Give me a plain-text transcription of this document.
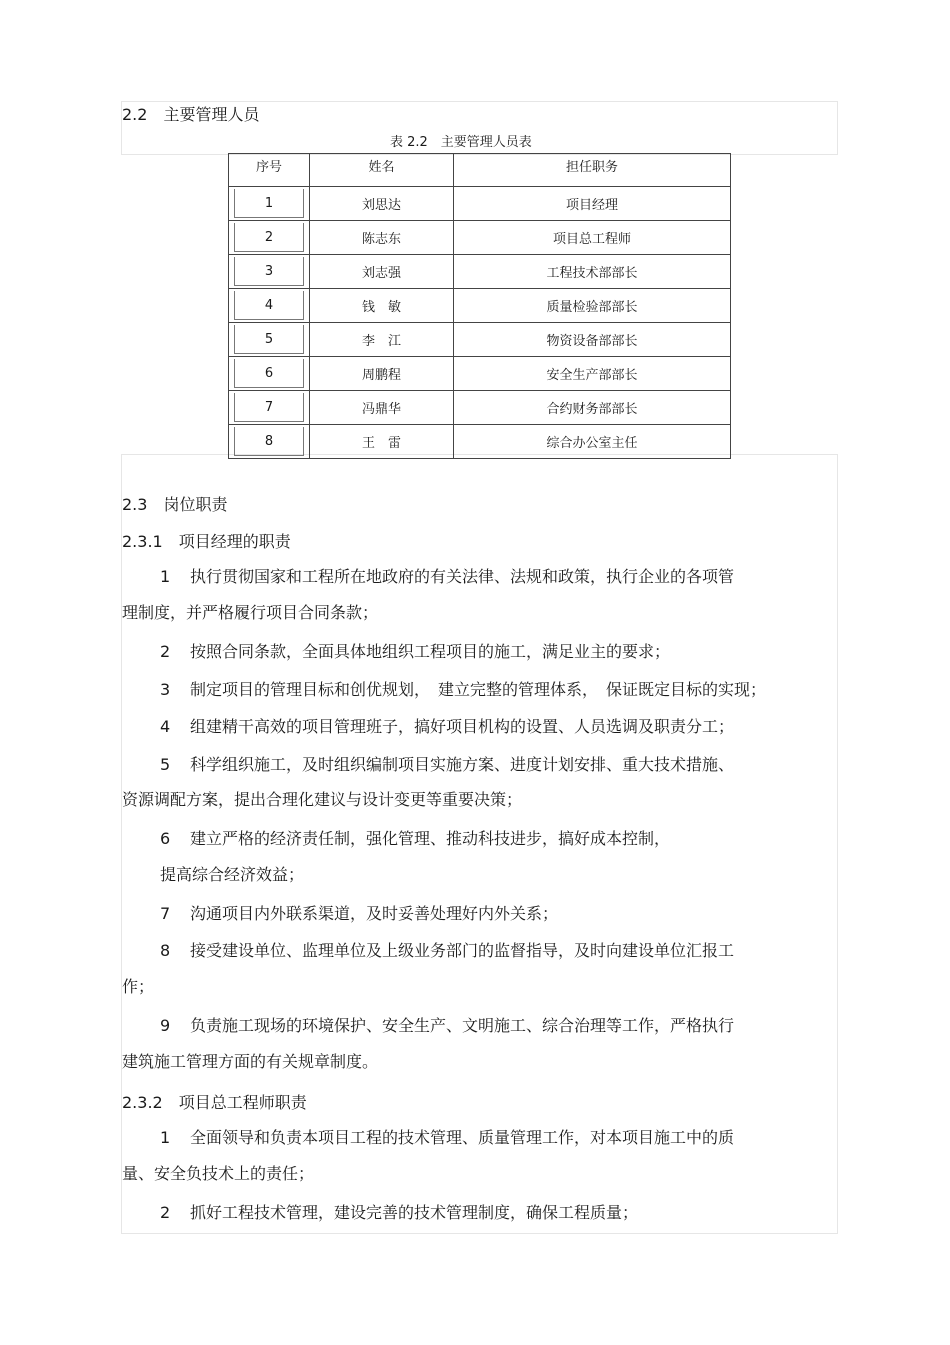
2.2　主要管理人员
表 2.2　主要管理人员表
序号	姓名	担任职务
1	刘思达	项目经理
2	陈志东	项目总工程师
3	刘志强	工程技术部部长
4	钱　敏	质量检验部部长
5	李　江	物资设备部部长
6	周鹏程	安全生产部部长
7	冯鼎华	合约财务部部长
8	王　雷	综合办公室主任
2.3　岗位职责
2.3.1　项目经理的职责
1 执行贯彻国家和工程所在地政府的有关法律、法规和政策，执行企业的各项管
理制度，并严格履行项目合同条款；
2 按照合同条款，全面具体地组织工程项目的施工，满足业主的要求；
3 制定项目的管理目标和创优规划，　建立完整的管理体系，　保证既定目标的实现；
4 组建精干高效的项目管理班子，搞好项目机构的设置、人员选调及职责分工；
5 科学组织施工，及时组织编制项目实施方案、进度计划安排、重大技术措施、
资源调配方案，提出合理化建议与设计变更等重要决策；
6 建立严格的经济责任制，强化管理、推动科技进步，搞好成本控制，
提高综合经济效益；
7 沟通项目内外联系渠道，及时妥善处理好内外关系；
8 接受建设单位、监理单位及上级业务部门的监督指导，及时向建设单位汇报工
作；
9 负责施工现场的环境保护、安全生产、文明施工、综合治理等工作，严格执行
建筑施工管理方面的有关规章制度。
2.3.2　项目总工程师职责
1 全面领导和负责本项目工程的技术管理、质量管理工作，对本项目施工中的质
量、安全负技术上的责任；
2 抓好工程技术管理，建设完善的技术管理制度，确保工程质量；
